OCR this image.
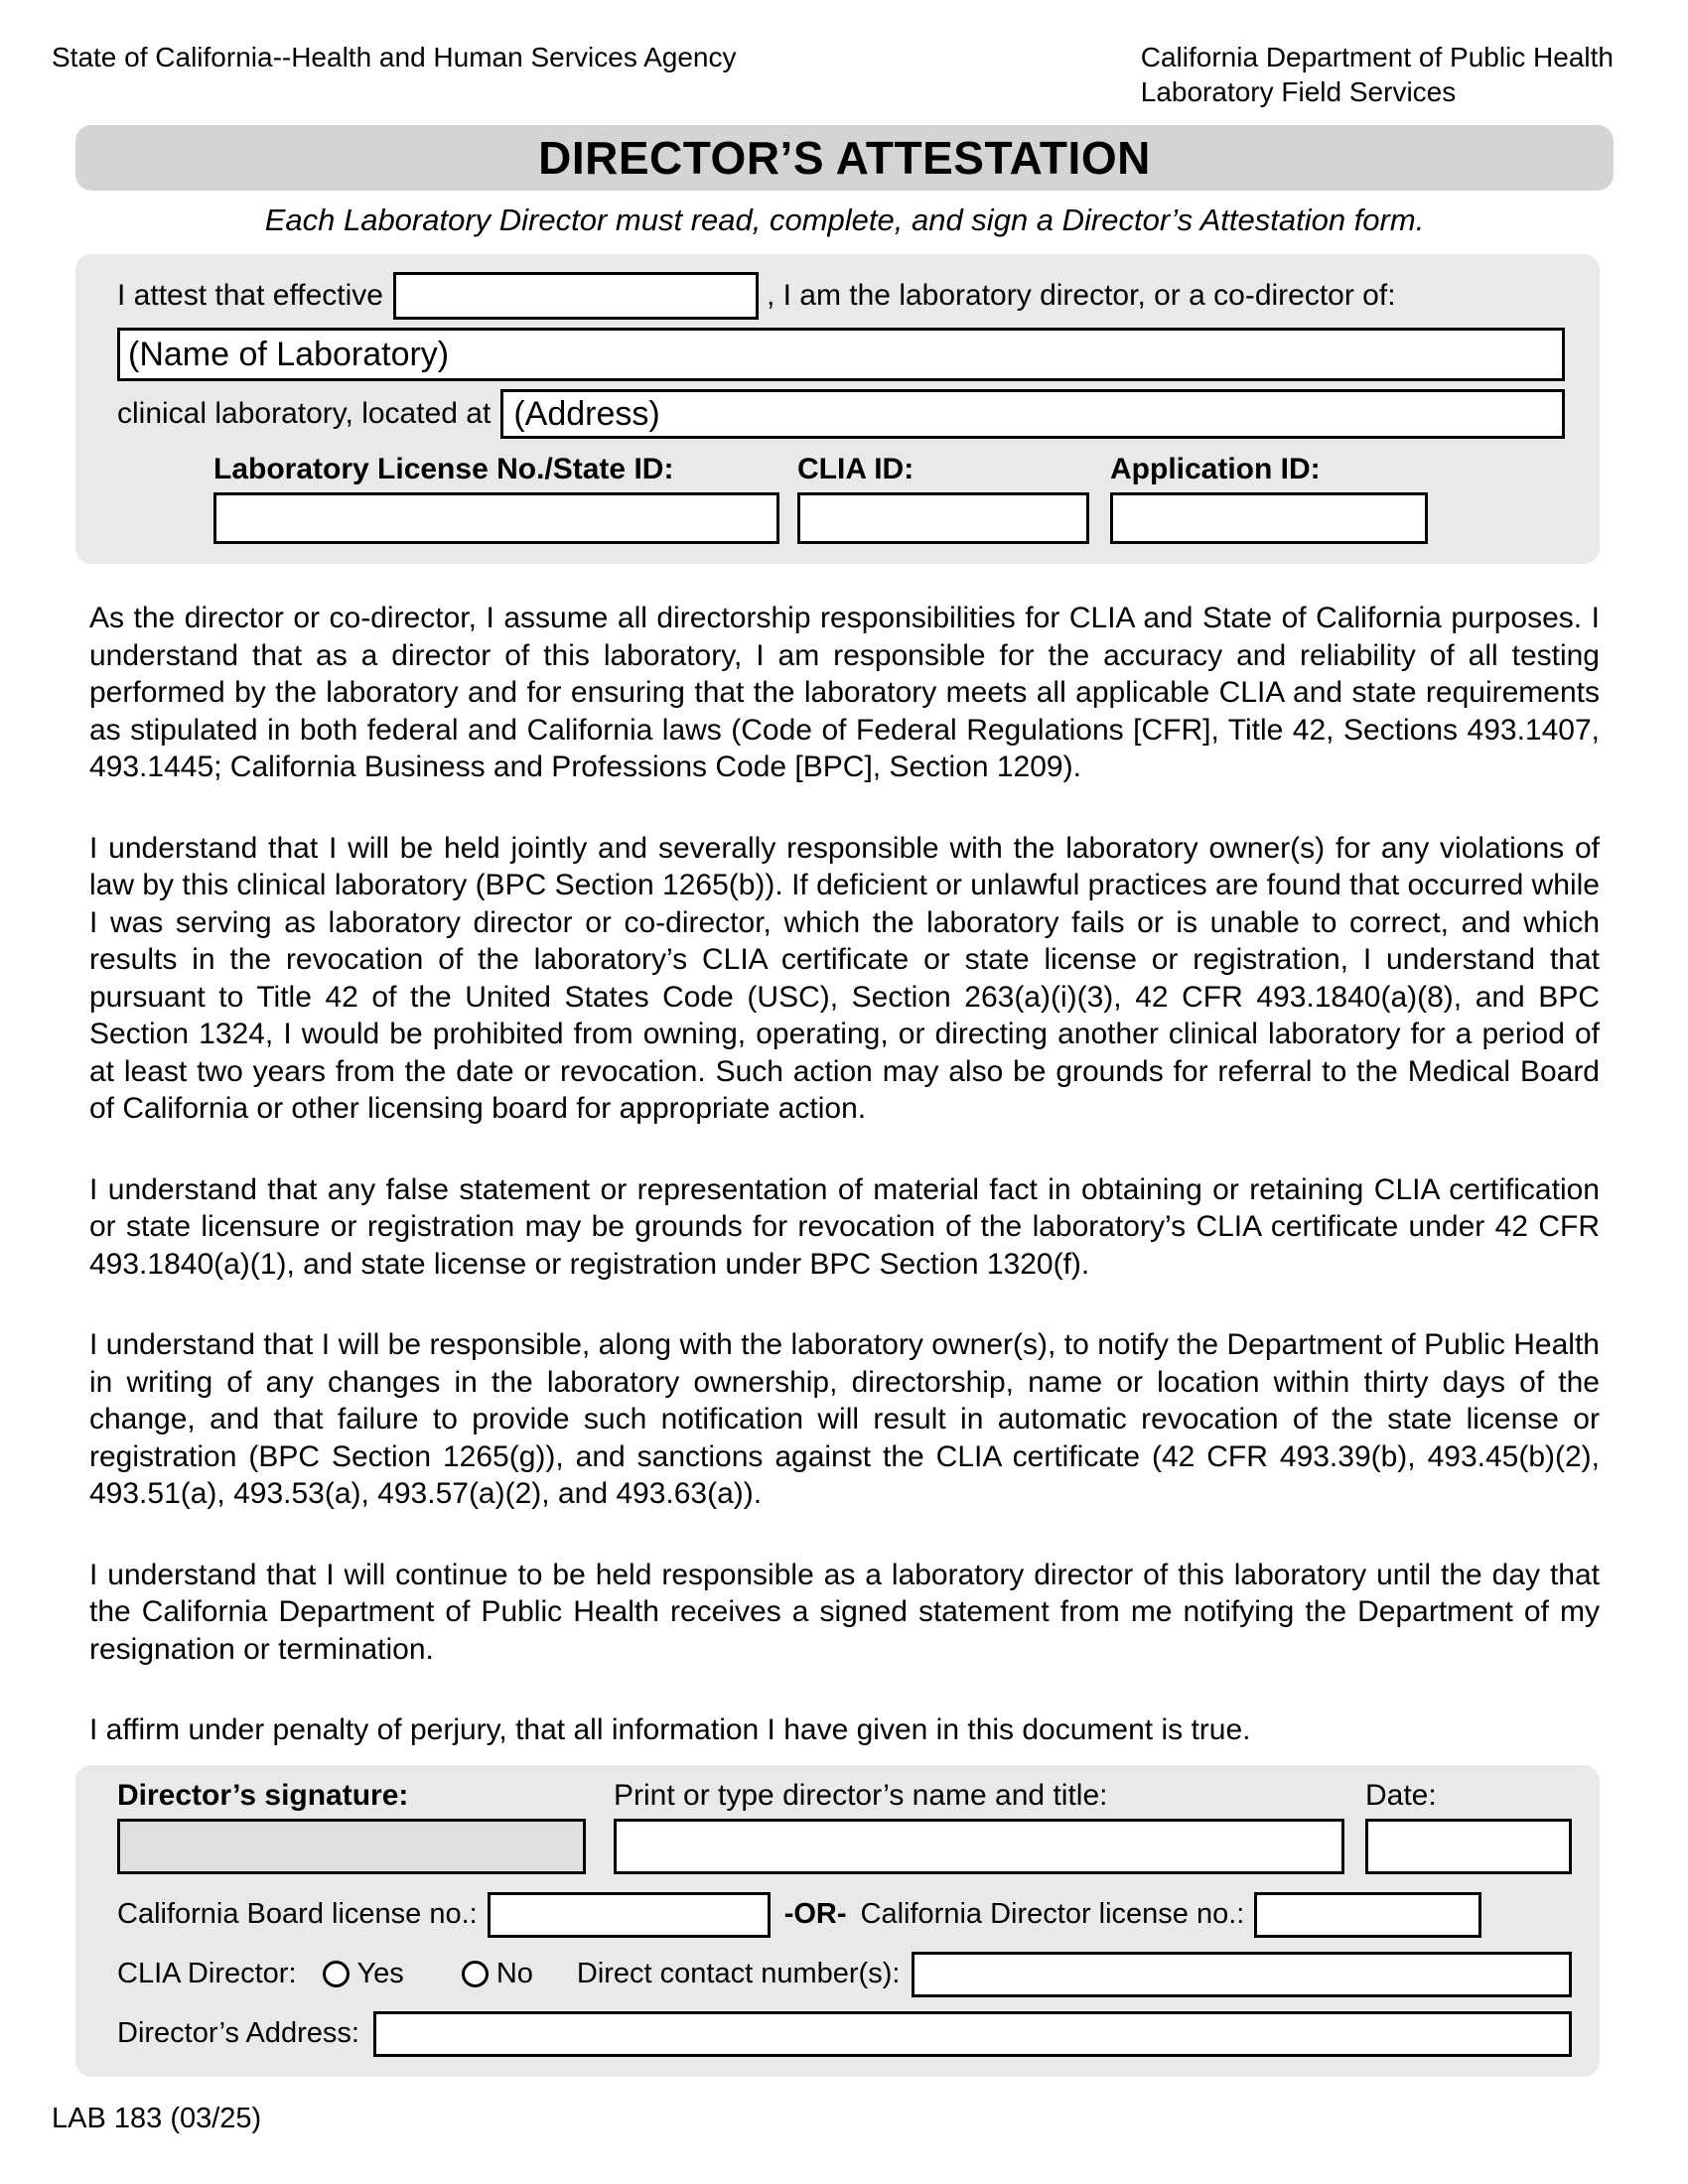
State of California--Health and Human Services Agency	California Department of Public Health
Laboratory Field Services
DIRECTOR’S ATTESTATION
Each Laboratory Director must read, complete, and sign a Director’s Attestation form.
I attest that effective	, I am the laboratory director, or a co-director of:
(Name of Laboratory)
clinical laboratory, located at (Address)
Laboratory License No./State ID:	CLIA ID:	Application ID:

As the director or co-director, I assume all directorship responsibilities for CLIA and State of California purposes. I understand that as a director of this laboratory, I am responsible for the accuracy and reliability of all testing performed by the laboratory and for ensuring that the laboratory meets all applicable CLIA and state requirements as stipulated in both federal and California laws (Code of Federal Regulations [CFR], Title 42, Sections 493.1407, 493.1445; California Business and Professions Code [BPC], Section 1209).

I understand that I will be held jointly and severally responsible with the laboratory owner(s) for any violations of law by this clinical laboratory (BPC Section 1265(b)). If deficient or unlawful practices are found that occurred while I was serving as laboratory director or co-director, which the laboratory fails or is unable to correct, and which results in the revocation of the laboratory’s CLIA certificate or state license or registration, I understand that pursuant to Title 42 of the United States Code (USC), Section 263(a)(i)(3), 42 CFR 493.1840(a)(8), and BPC Section 1324, I would be prohibited from owning, operating, or directing another clinical laboratory for a period of at least two years from the date or revocation. Such action may also be grounds for referral to the Medical Board of California or other licensing board for appropriate action.

I understand that any false statement or representation of material fact in obtaining or retaining CLIA certification or state licensure or registration may be grounds for revocation of the laboratory’s CLIA certificate under 42 CFR 493.1840(a)(1), and state license or registration under BPC Section 1320(f).

I understand that I will be responsible, along with the laboratory owner(s), to notify the Department of Public Health in writing of any changes in the laboratory ownership, directorship, name or location within thirty days of the change, and that failure to provide such notification will result in automatic revocation of the state license or registration (BPC Section 1265(g)), and sanctions against the CLIA certificate (42 CFR 493.39(b), 493.45(b)(2), 493.51(a), 493.53(a), 493.57(a)(2), and 493.63(a)).

I understand that I will continue to be held responsible as a laboratory director of this laboratory until the day that the California Department of Public Health receives a signed statement from me notifying the Department of my resignation or termination.

I affirm under penalty of perjury, that all information I have given in this document is true.

Director’s signature:	Print or type director’s name and title:	Date:
California Board license no.:	-OR- California Director license no.:
CLIA Director: Yes	No Direct contact number(s):
Director’s Address:
LAB 183 (03/25)
